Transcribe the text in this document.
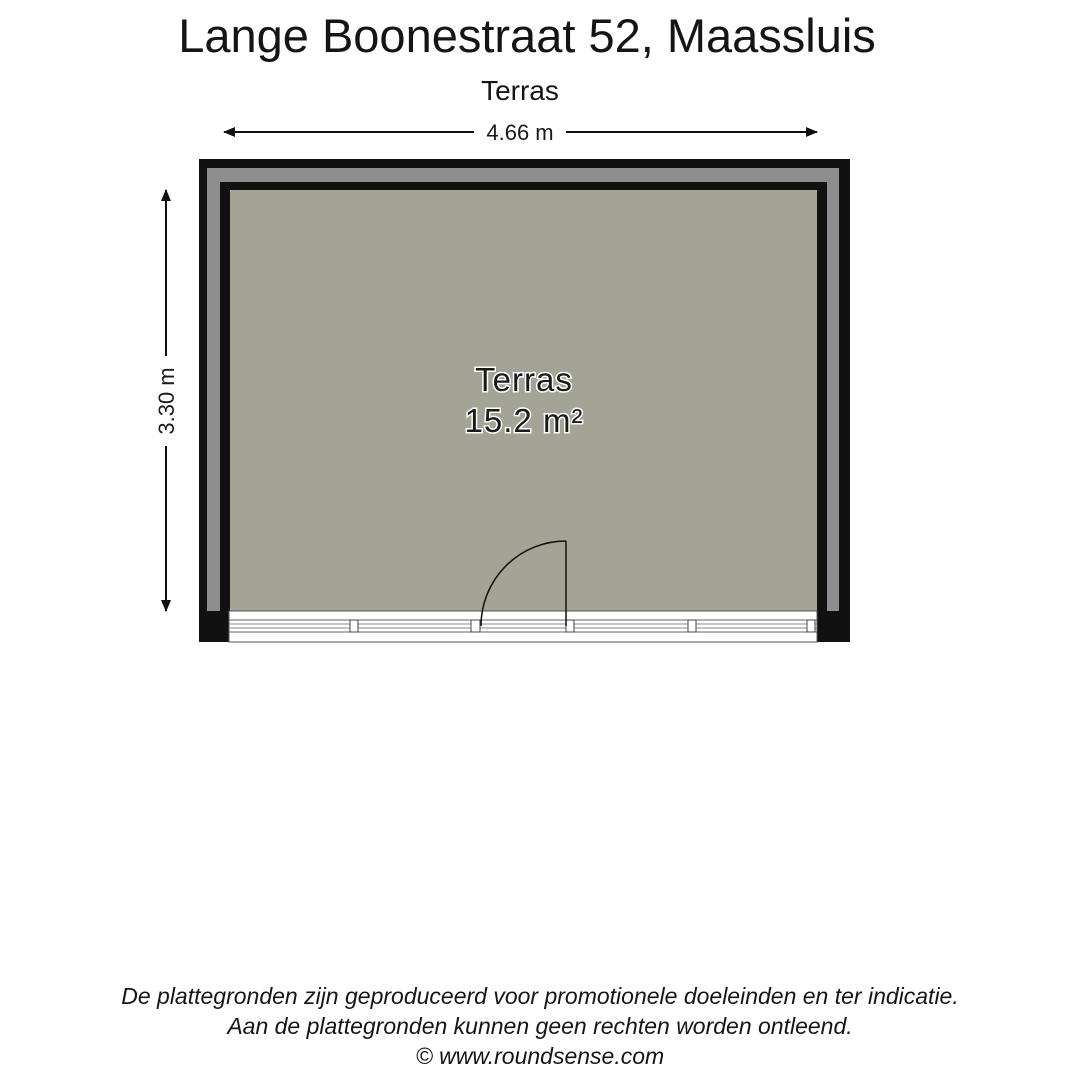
Lange Boonestraat 52, Maassluis
Terras
4.66 m
3.30 m	Terras
15.2 m²
De plattegronden zijn geproduceerd voor promotionele doeleinden en ter indicatie.
Aan de plattegronden kunnen geen rechten worden ontleend.
© www.roundsense.com
